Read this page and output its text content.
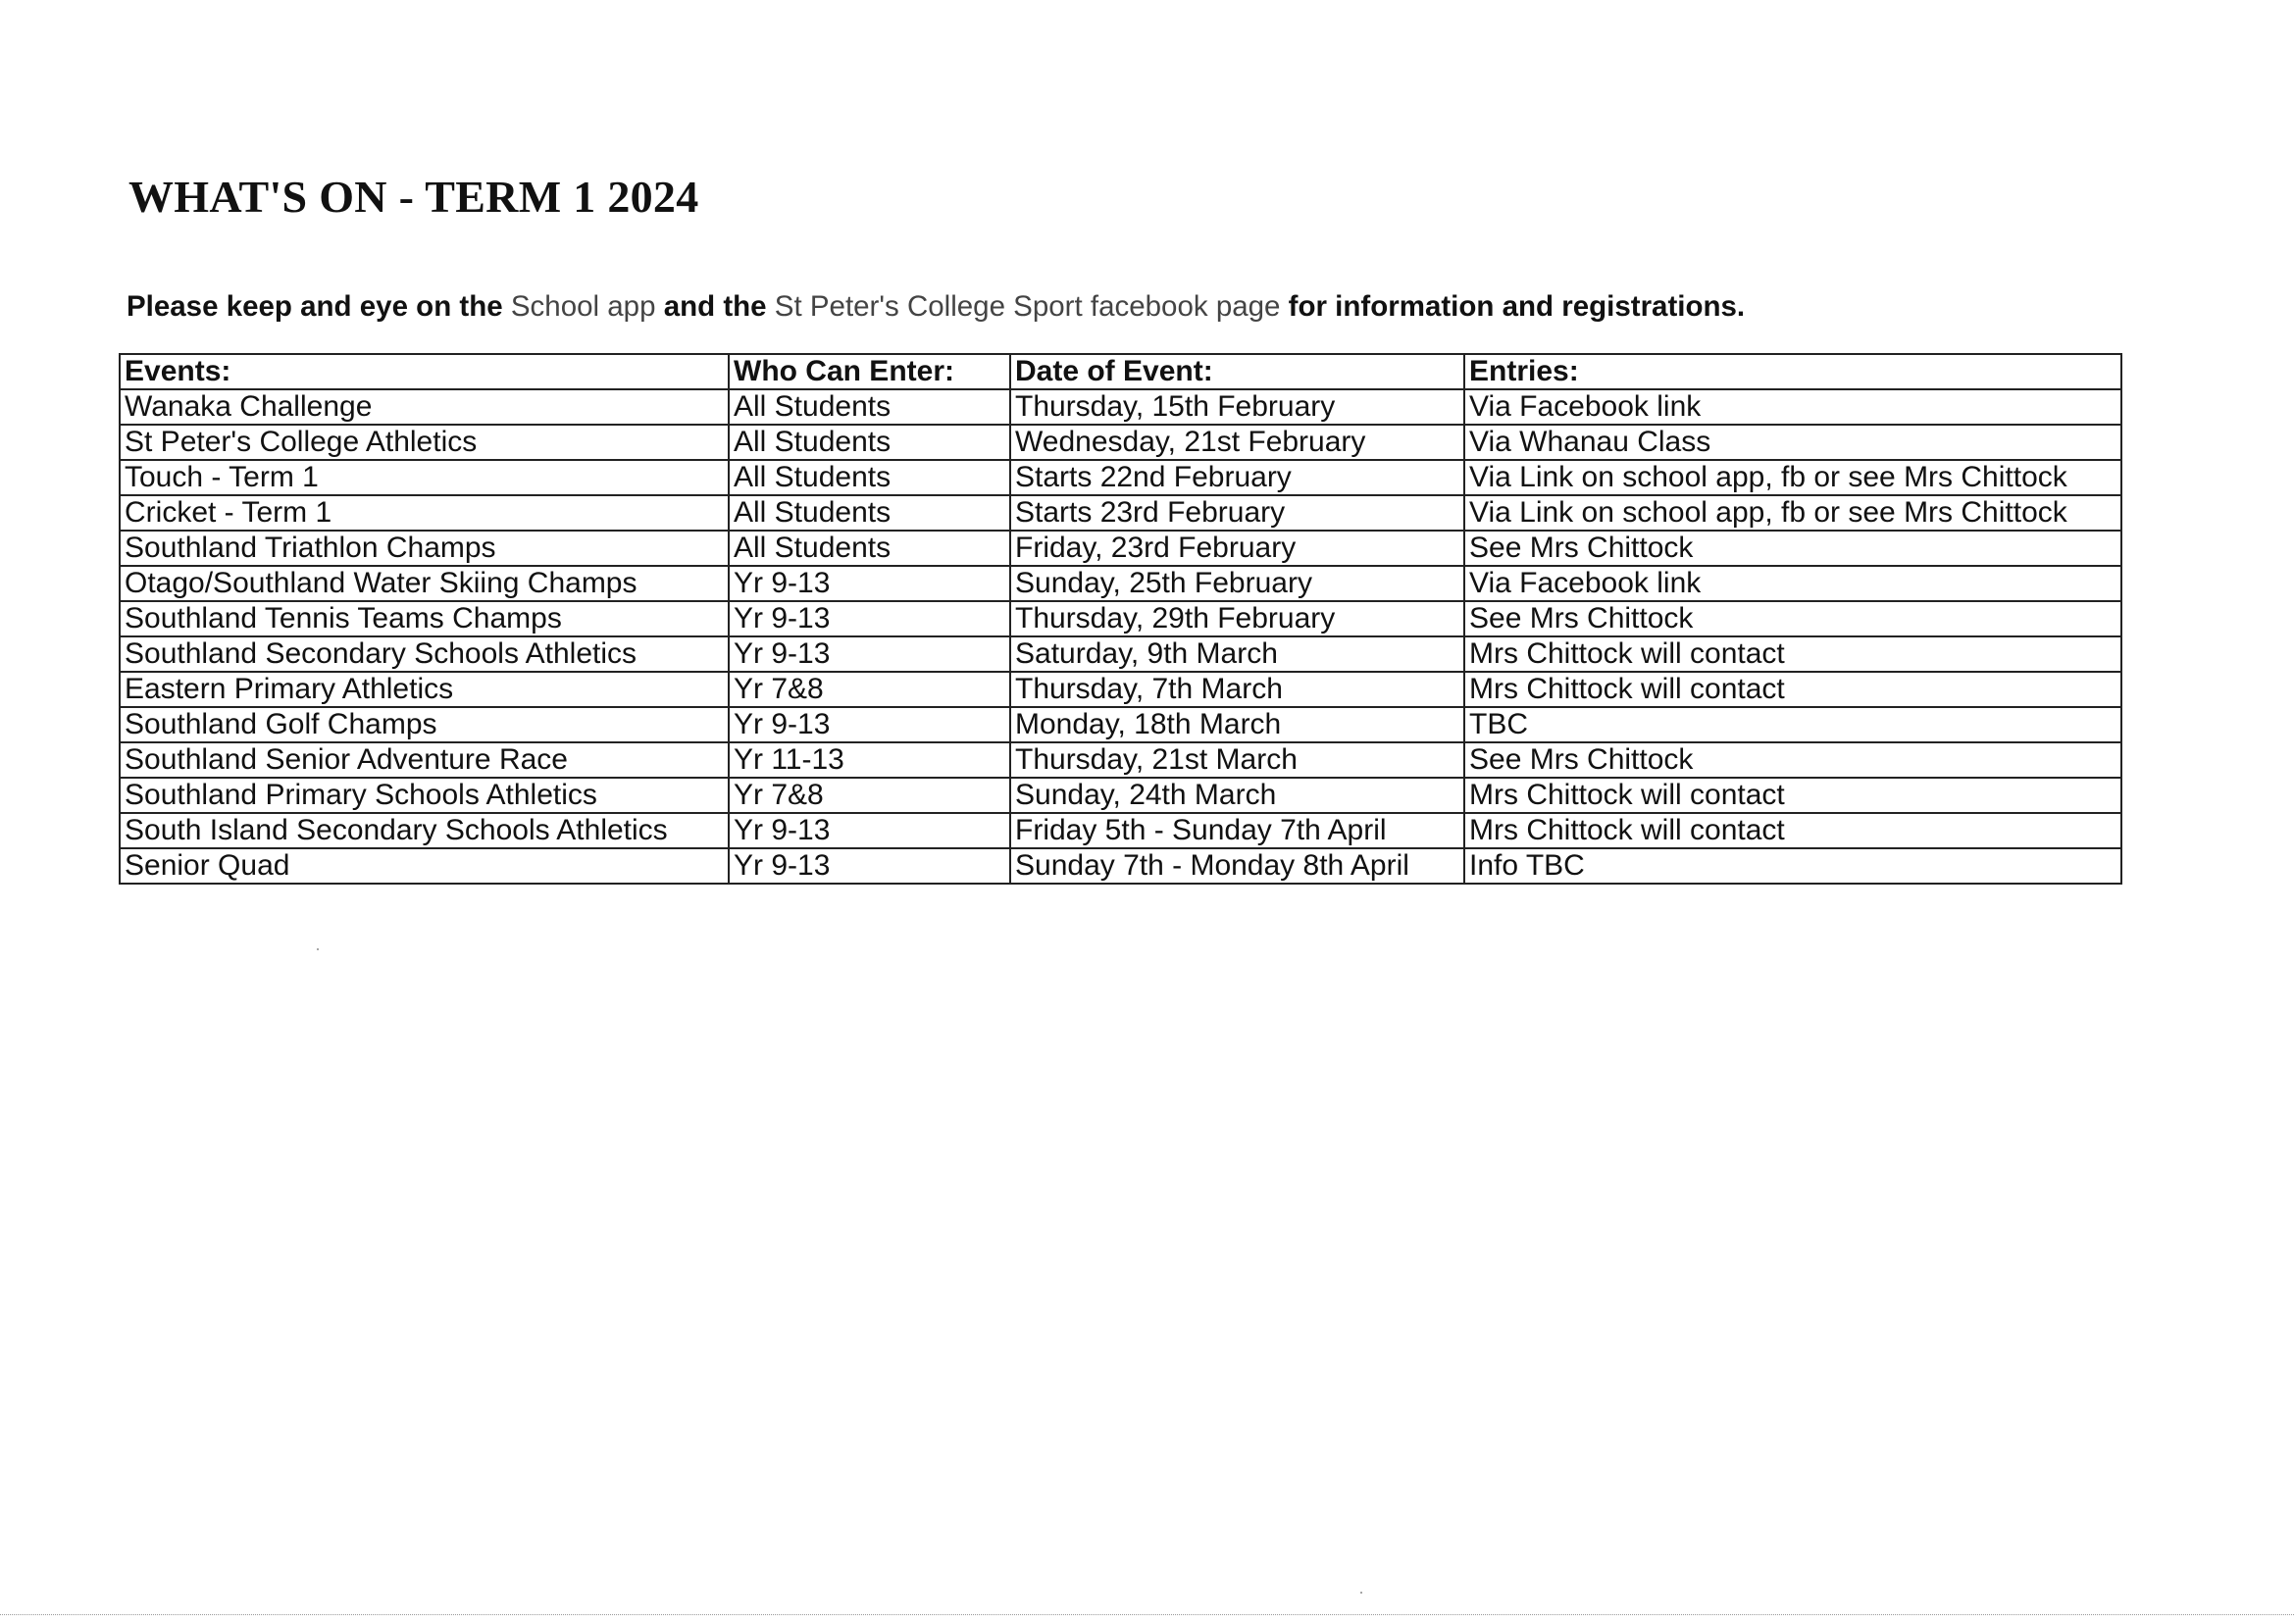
WHAT'S ON - TERM 1 2024

Please keep and eye on the School app and the St Peter's College Sport facebook page for information and registrations.

Events:	Who Can Enter:	Date of Event:	Entries:
Wanaka Challenge	All Students	Thursday, 15th February	Via Facebook link
St Peter's College Athletics	All Students	Wednesday, 21st February	Via Whanau Class
Touch - Term 1	All Students	Starts 22nd February	Via Link on school app, fb or see Mrs Chittock
Cricket - Term 1	All Students	Starts 23rd February	Via Link on school app, fb or see Mrs Chittock
Southland Triathlon Champs	All Students	Friday, 23rd February	See Mrs Chittock
Otago/Southland Water Skiing Champs	Yr 9-13	Sunday, 25th February	Via Facebook link
Southland Tennis Teams Champs	Yr 9-13	Thursday, 29th February	See Mrs Chittock
Southland Secondary Schools Athletics	Yr 9-13	Saturday, 9th March	Mrs Chittock will contact
Eastern Primary Athletics	Yr 7&8	Thursday, 7th March	Mrs Chittock will contact
Southland Golf Champs	Yr 9-13	Monday, 18th March	TBC
Southland Senior Adventure Race	Yr 11-13	Thursday, 21st March	See Mrs Chittock
Southland Primary Schools Athletics	Yr 7&8	Sunday, 24th March	Mrs Chittock will contact
South Island Secondary Schools Athletics	Yr 9-13	Friday 5th - Sunday 7th April	Mrs Chittock will contact
Senior Quad	Yr 9-13	Sunday 7th - Monday 8th April	Info TBC
